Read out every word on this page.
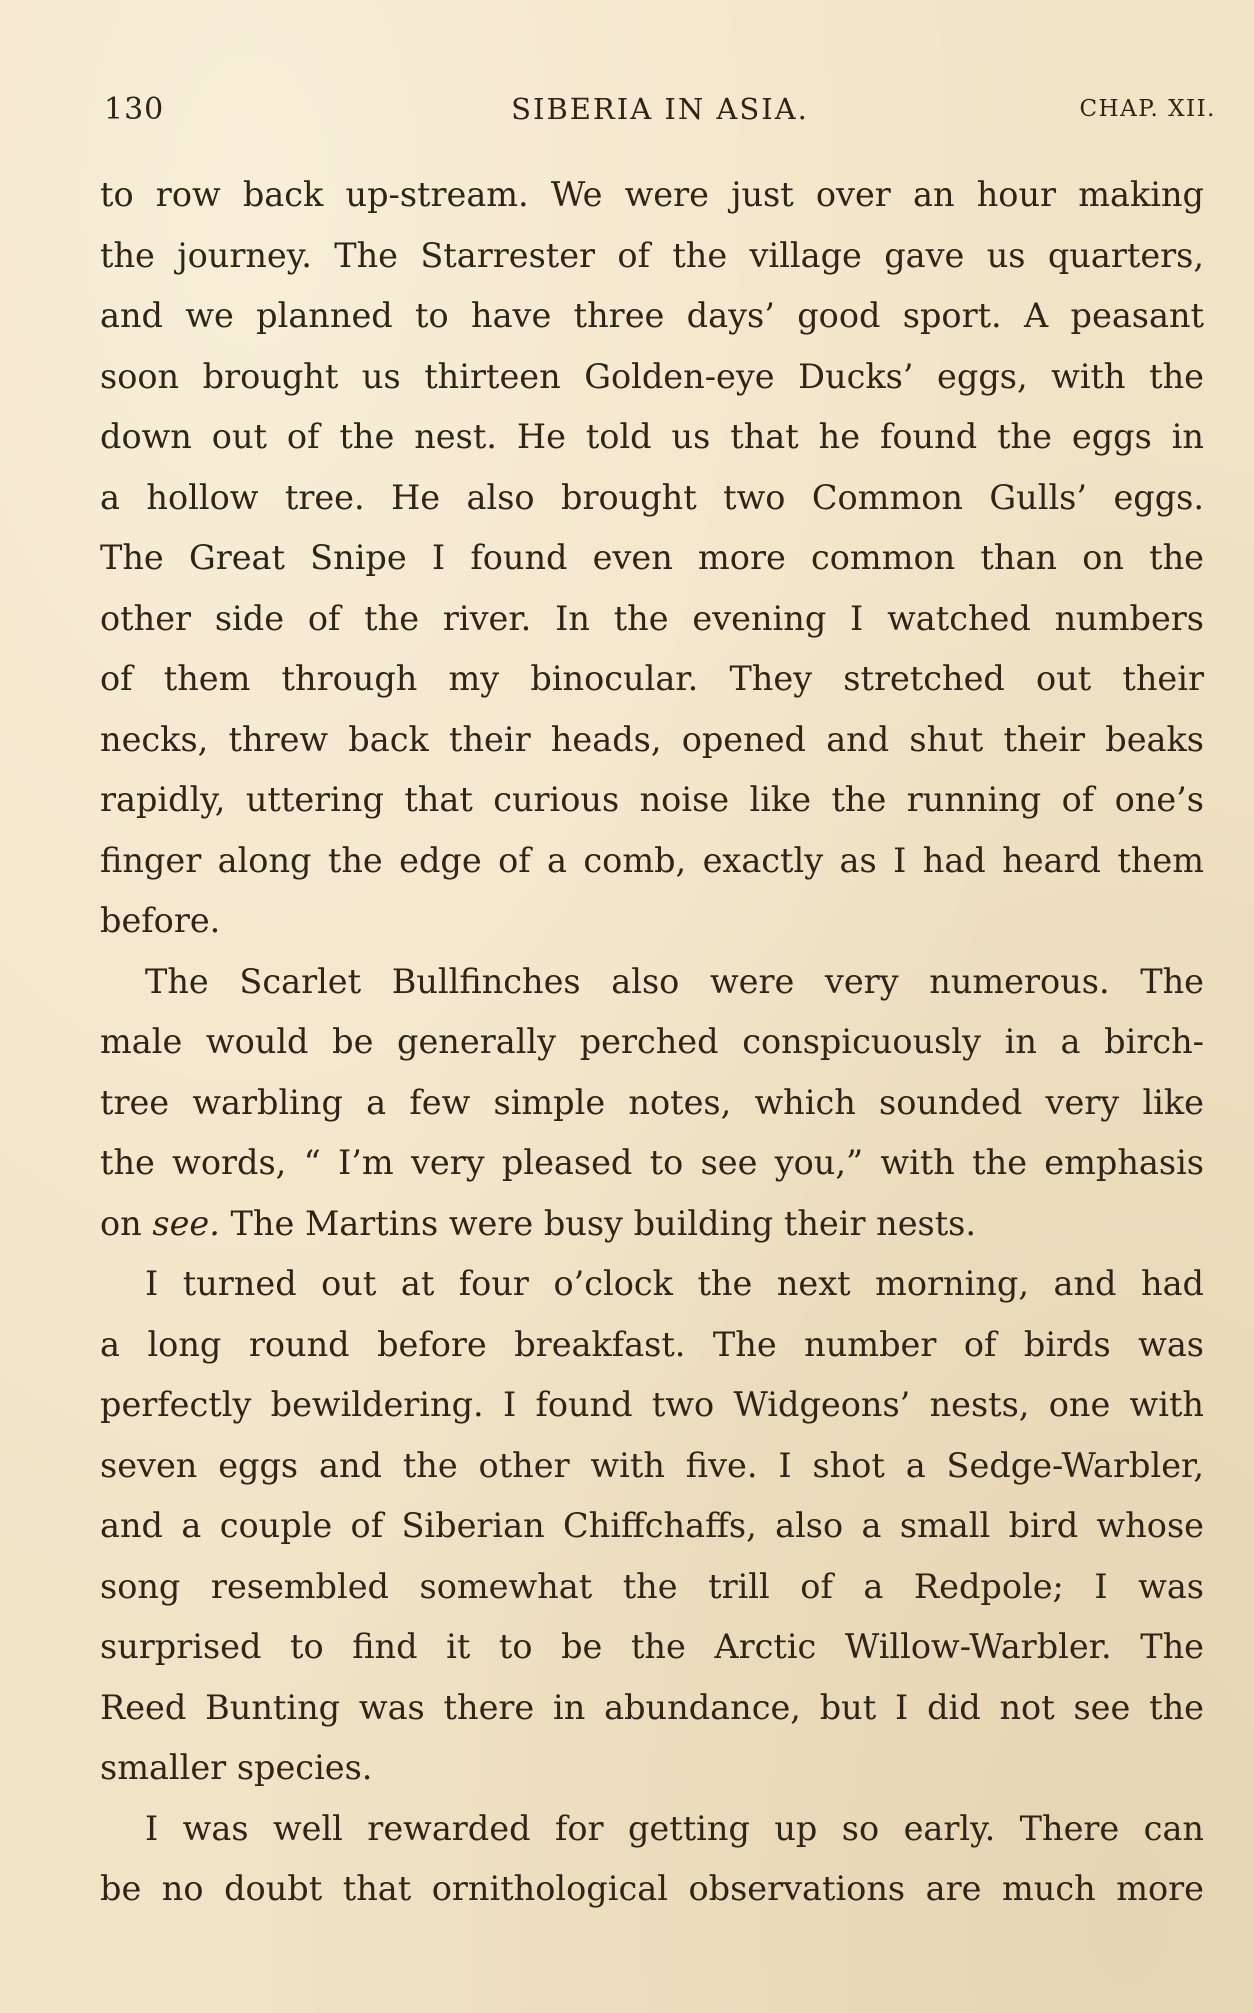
130	SIBERIA IN ASIA.	CHAP. XII.
to row back up-stream. We were just over an hour making
the journey. The Starrester of the village gave us quarters,
and we planned to have three days’ good sport. A peasant
soon brought us thirteen Golden-eye Ducks’ eggs, with the
down out of the nest. He told us that he found the eggs in
a hollow tree. He also brought two Common Gulls’ eggs.
The Great Snipe I found even more common than on the
other side of the river. In the evening I watched numbers
of them through my binocular. They stretched out their
necks, threw back their heads, opened and shut their beaks
rapidly, uttering that curious noise like the running of one’s
finger along the edge of a comb, exactly as I had heard them
before.
The Scarlet Bullfinches also were very numerous. The
male would be generally perched conspicuously in a birch-
tree warbling a few simple notes, which sounded very like
the words, “ I’m very pleased to see you,” with the emphasis
on see. The Martins were busy building their nests.
I turned out at four o’clock the next morning, and had
a long round before breakfast. The number of birds was
perfectly bewildering. I found two Widgeons’ nests, one with
seven eggs and the other with five. I shot a Sedge-Warbler,
and a couple of Siberian Chiffchaffs, also a small bird whose
song resembled somewhat the trill of a Redpole; I was
surprised to find it to be the Arctic Willow-Warbler. The
Reed Bunting was there in abundance, but I did not see the
smaller species.
I was well rewarded for getting up so early. There can
be no doubt that ornithological observations are much more
